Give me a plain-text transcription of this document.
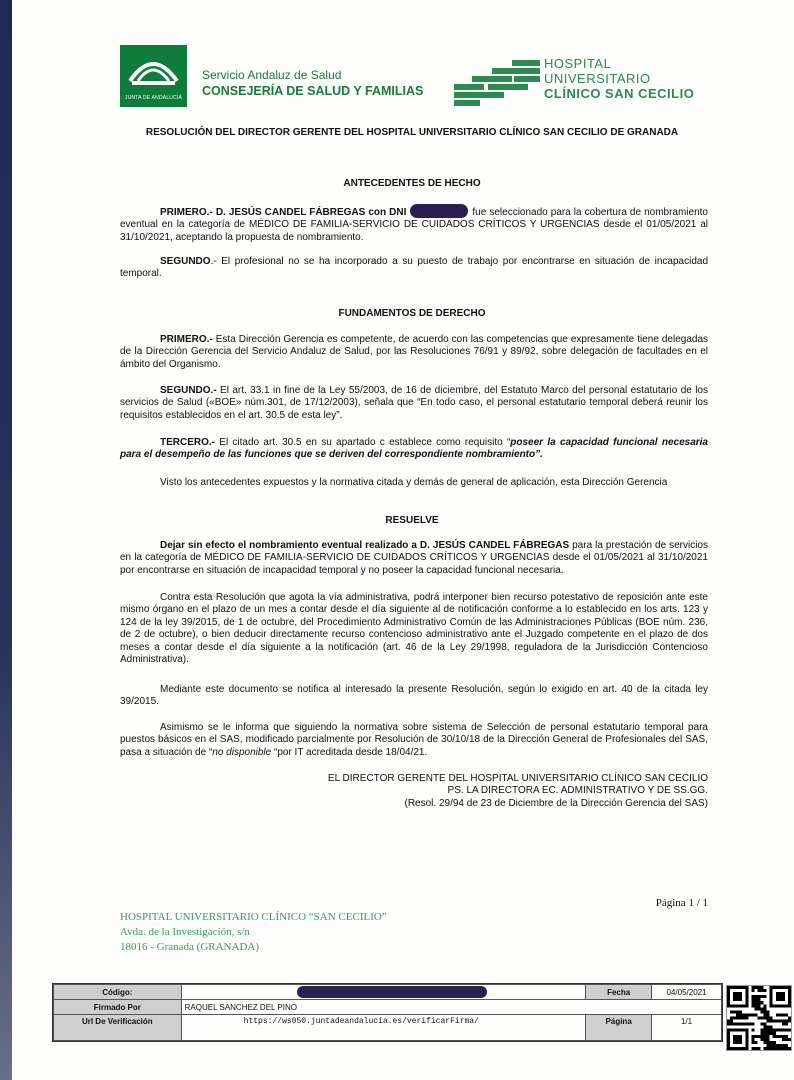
JUNTA DE ANDALUCIA
Servicio Andaluz de Salud
CONSEJERÍA DE SALUD Y FAMILIAS
HOSPITAL
UNIVERSITARIO
CLÍNICO SAN CECILIO
RESOLUCIÓN DEL DIRECTOR GERENTE DEL HOSPITAL UNIVERSITARIO CLÍNICO SAN CECILIO DE GRANADA
ANTECEDENTES DE HECHO
PRIMERO.- D. JESÚS CANDEL FÁBREGAS con DNI	fue seleccionado para la cobertura de nombramiento eventual en la categoría de MÉDICO DE FAMILIA-SERVICIO DE CUIDADOS CRÍTICOS Y URGENCIAS desde el 01/05/2021 al 31/10/2021, aceptando la propuesta de nombramiento.
SEGUNDO.- El profesional no se ha incorporado a su puesto de trabajo por encontrarse en situación de incapacidad temporal.
FUNDAMENTOS DE DERECHO
PRIMERO.- Esta Dirección Gerencia es competente, de acuerdo con las competencias que expresamente tiene delegadas de la Dirección Gerencia del Servicio Andaluz de Salud, por las Resoluciones 76/91 y 89/92, sobre delegación de facultades en el ámbito del Organismo.
SEGUNDO.- El art. 33.1 in fine de la Ley 55/2003, de 16 de diciembre, del Estatuto Marco del personal estatutario de los servicios de Salud («BOE» núm.301, de 17/12/2003), señala que “En todo caso, el personal estatutario temporal deberá reunir los requisitos establecidos en el art. 30.5 de esta ley”.
TERCERO.- El citado art. 30.5 en su apartado c establece como requisito “poseer la capacidad funcional necesaria para el desempeño de las funciones que se deriven del correspondiente nombramiento”.
Visto los antecedentes expuestos y la normativa citada y demás de general de aplicación, esta Dirección Gerencia
RESUELVE
Dejar sin efecto el nombramiento eventual realizado a D. JESÚS CANDEL FÁBREGAS para la prestación de servicios en la categoría de MÉDICO DE FAMILIA-SERVICIO DE CUIDADOS CRÍTICOS Y URGENCIAS desde el 01/05/2021 al 31/10/2021 por encontrarse en situación de incapacidad temporal y no poseer la capacidad funcional necesaria.
Contra esta Resolución que agota la vía administrativa, podrá interponer bien recurso potestativo de reposición ante este mismo órgano en el plazo de un mes a contar desde el día siguiente al de notificación conforme a lo establecido en los arts. 123 y 124 de la ley 39/2015, de 1 de octubre, del Procedimiento Administrativo Común de las Administraciones Públicas (BOE núm. 236, de 2 de octubre), o bien deducir directamente recurso contencioso administrativo ante el Juzgado competente en el plazo de dos meses a contar desde el día siguiente a la notificación (art. 46 de la Ley 29/1998, reguladora de la Jurisdicción Contencioso Administrativa).
Mediante este documento se notifica al interesado la presente Resolución, según lo exigido en art. 40 de la citada ley 39/2015.
Asimismo se le informa que siguiendo la normativa sobre sistema de Selección de personal estatutario temporal para puestos básicos en el SAS, modificado parcialmente por Resolución de 30/10/18 de la Dirección General de Profesionales del SAS, pasa a situación de “no disponible “por IT acreditada desde 18/04/21.
EL DIRECTOR GERENTE DEL HOSPITAL UNIVERSITARIO CLÍNICO SAN CECILIO
PS. LA DIRECTORA EC. ADMINISTRATIVO Y DE SS.GG.
(Resol. 29/94 de 23 de Diciembre de la Dirección Gerencia del SAS)
Página 1 / 1
HOSPITAL UNIVERSITARIO CLÍNICO “SAN CECILIO”
Avda. de la Investigación, s/n
18016 - Granada (GRANADA)
Código:		Fecha	04/05/2021
Firmado Por	RAQUEL SANCHEZ DEL PINO		
Url De Verificación	https://ws050.juntadeandalucia.es/verificarFirma/	Página	1/1
